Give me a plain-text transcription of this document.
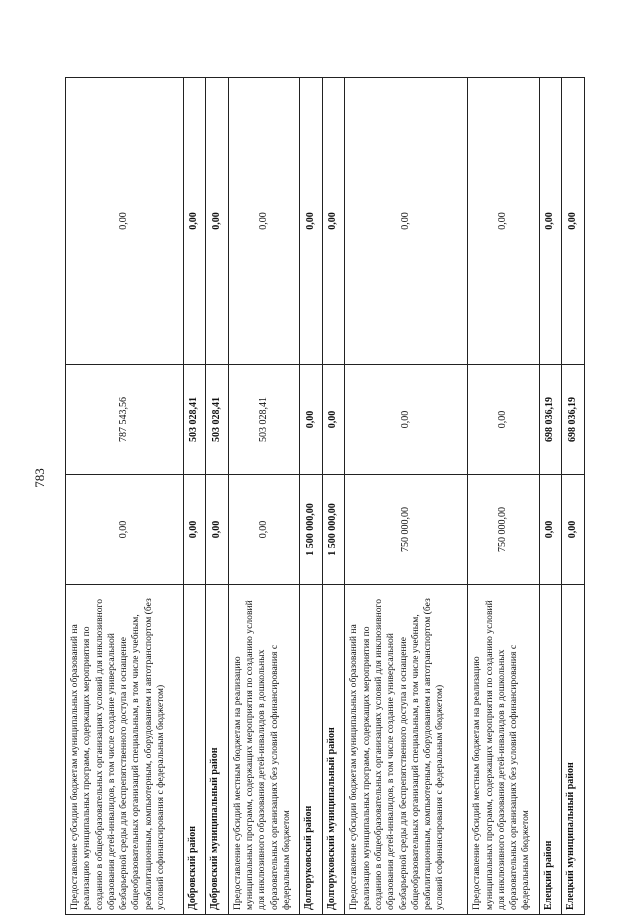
783
Предоставление субсидии бюджетам муниципальных образований на реализацию муниципальных программ, содержащих мероприятия по созданию в общеобразовательных организациях условий для инклюзивного образования детей-инвалидов, в том числе создание универсальной безбарьерной среды для беспрепятственного доступа и оснащение общеобразовательных организаций специальным, в том числе учебным, реабилитационным, компьютерным, оборудованием и автотранспортом (без условий софинансирования с федеральным бюджетом)	0,00	787 543,56	0,00
Добровский район	0,00	503 028,41	0,00
Добровский муниципальный район	0,00	503 028,41	0,00
Предоставление субсидий местным бюджетам на реализацию муниципальных программ, содержащих мероприятия по созданию условий для инклюзивного образования детей-инвалидов в дошкольных образовательных организациях без условий софинансирования с федеральным бюджетом	0,00	503 028,41	0,00
Долгоруковский район	1 500 000,00	0,00	0,00
Долгоруковский муниципальный район	1 500 000,00	0,00	0,00
Предоставление субсидии бюджетам муниципальных образований на реализацию муниципальных программ, содержащих мероприятия по созданию в общеобразовательных организациях условий для инклюзивного образования детей-инвалидов, в том числе создание универсальной безбарьерной среды для беспрепятственного доступа и оснащение общеобразовательных организаций специальным, в том числе учебным, реабилитационным, компьютерным, оборудованием и автотранспортом (без условий софинансирования с федеральным бюджетом)	750 000,00	0,00	0,00
Предоставление субсидий местным бюджетам на реализацию муниципальных программ, содержащих мероприятия по созданию условий для инклюзивного образования детей-инвалидов в дошкольных образовательных организациях без условий софинансирования с федеральным бюджетом	750 000,00	0,00	0,00
Елецкий район	0,00	698 036,19	0,00
Елецкий муниципальный район	0,00	698 036,19	0,00
